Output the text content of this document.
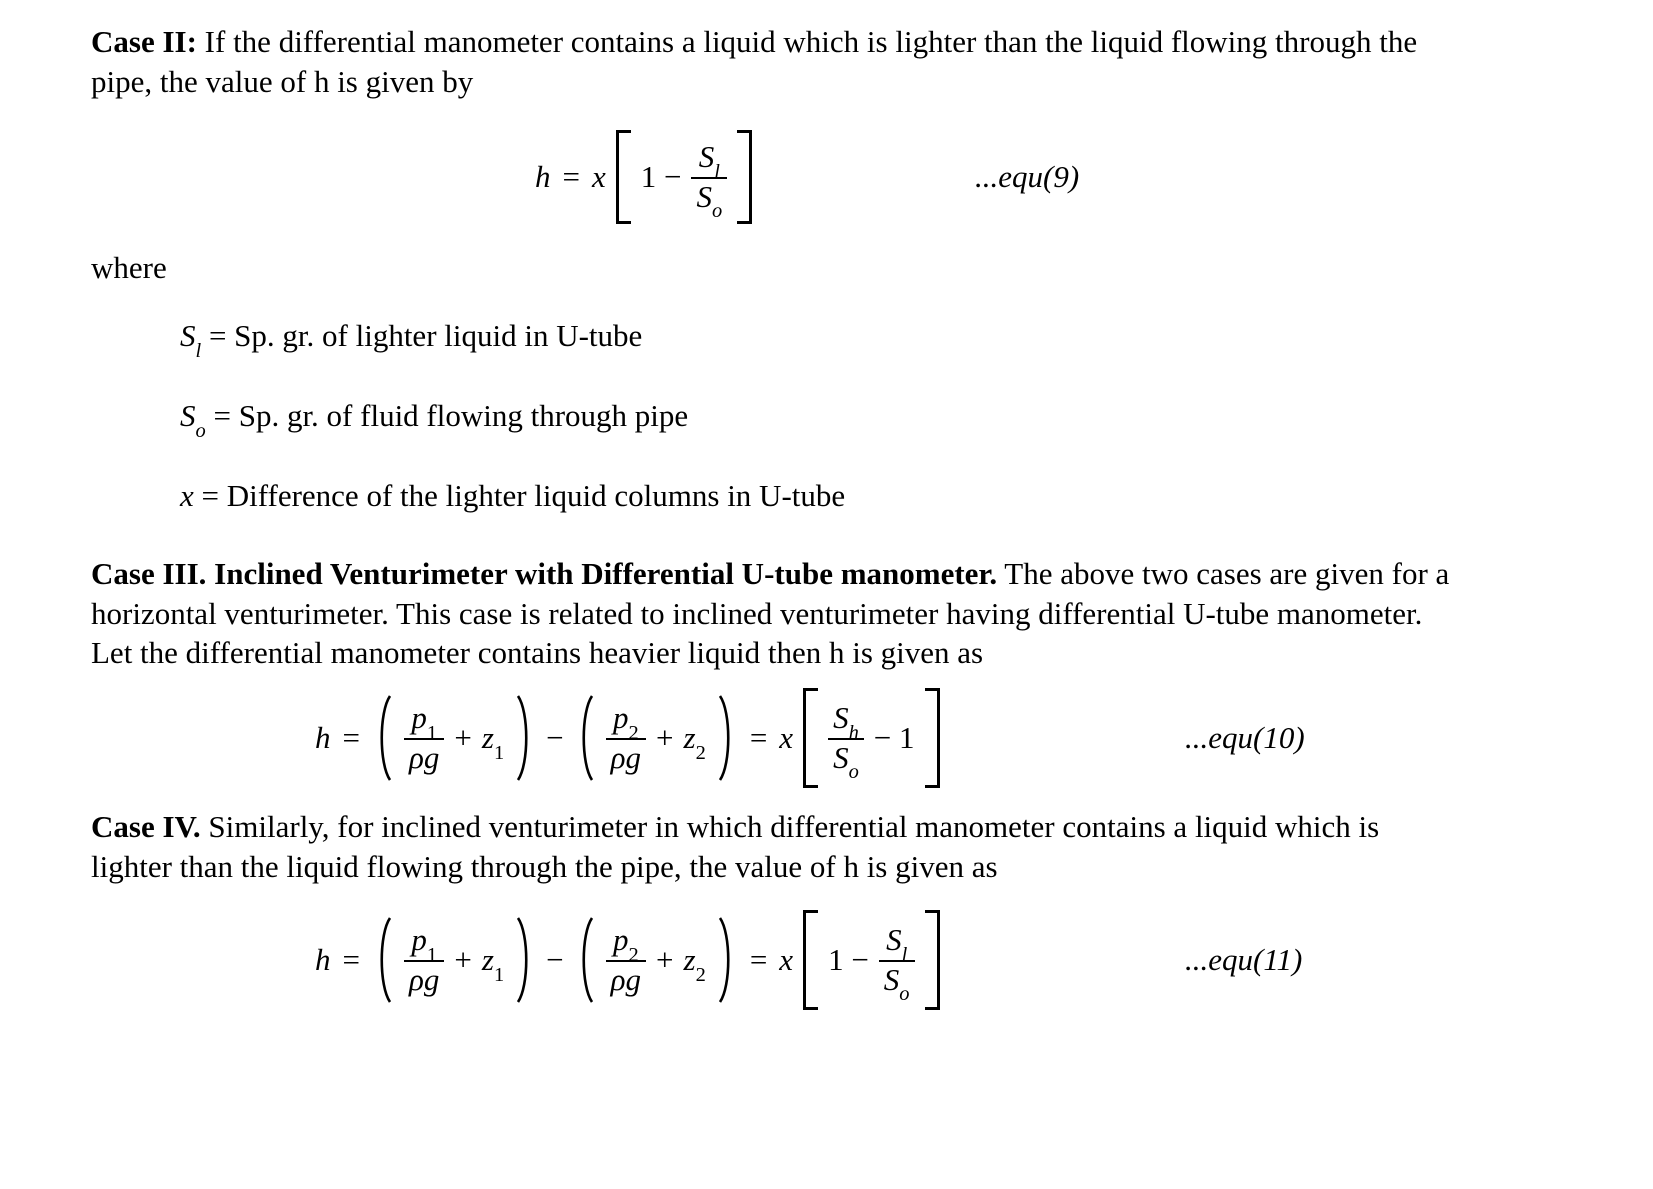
Case II: If the differential manometer contains a liquid which is lighter than the liquid flowing through the
pipe, the value of h is given by
h = x $1 - \frac{S_l}{S_o}$	...equ(9)
where
$S_l = Sp$. gr. of lighter liquid in U-tube
$S_o = Sp$. gr. of fluid flowing through pipe
x = Difference of the lighter liquid columns in U-tube
Case III. Inclined Venturimeter with Differential U-tube manometer. The above two cases are given for a
horizontal venturimeter. This case is related to inclined venturimeter having differential U-tube manometer.
Let the differential manometer contains heavier liquid then h is given as
$h = \frac{p_1}{\rho g} + z_1 - \frac{p_2}{\rho g} + z_2 = x \frac{S_h}{S_o} - 1$	...equ(10)
Case IV. Similarly, for inclined venturimeter in which differential manometer contains a liquid which is
lighter than the liquid flowing through the pipe, the value of h is given as
$h = \frac{p_1}{\rho g} + z_1 - \frac{p_2}{\rho g} + z_2 = x$ $1 - \frac{S_l}{S_o}$	...equ(11)
